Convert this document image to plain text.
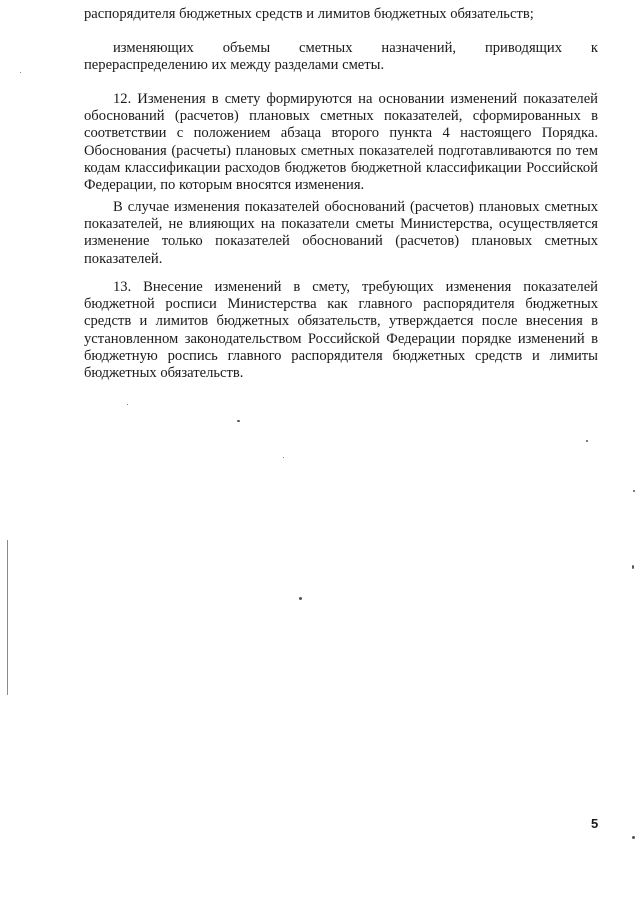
распорядителя бюджетных средств и лимитов бюджетных обязательств;

изменяющих объемы сметных назначений, приводящих к

перераспределению их между разделами сметы.

12. Изменения в смету формируются на основании изменений показателей обоснований (расчетов) плановых сметных показателей, сформированных в соответствии с положением абзаца второго пункта 4 настоящего Порядка. Обоснования (расчеты) плановых сметных показателей подготавливаются по тем кодам классификации расходов бюджетов бюджетной классификации Российской Федерации, по которым вносятся изменения.

В случае изменения показателей обоснований (расчетов) плановых сметных показателей, не влияющих на показатели сметы Министерства, осуществляется изменение только показателей обоснований (расчетов) плановых сметных показателей.

13. Внесение изменений в смету, требующих изменения показателей бюджетной росписи Министерства как главного распорядителя бюджетных средств и лимитов бюджетных обязательств, утверждается после внесения в установленном законодательством Российской Федерации порядке изменений в бюджетную роспись главного распорядителя бюджетных средств и лимиты бюджетных обязательств.

5
